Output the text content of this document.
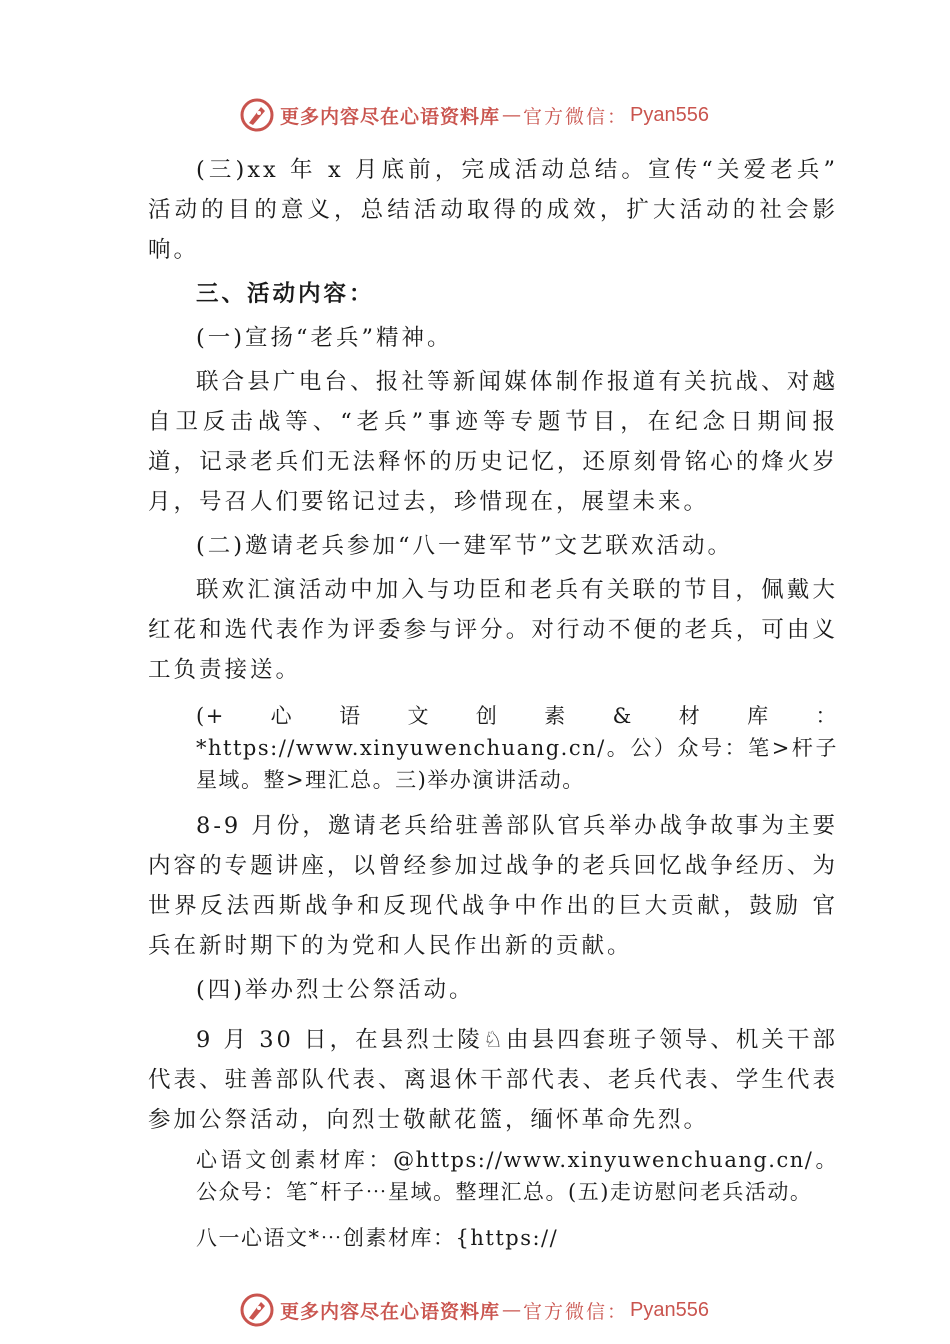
更多内容尽在心语资料库 — 官方微信： Pyan556

(三)xx 年 x 月底前，完成活动总结。宣传“关爱老兵” 活动的目的意义，总结活动取得的成效，扩大活动的社会影响。

三、活动内容：

(一)宣扬“老兵”精神。

联合县广电台、报社等新闻媒体制作报道有关抗战、对越自卫反击战等、“老兵”事迹等专题节目，在纪念日期间报道，记录老兵们无法释怀的历史记忆，还原刻骨铭心的烽火岁月，号召人们要铭记过去，珍惜现在，展望未来。

(二)邀请老兵参加“八一建军节”文艺联欢活动。

联欢汇演活动中加入与功臣和老兵有关联的节目，佩戴大红花和选代表作为评委参与评分。对行动不便的老兵，可由义工负责接送。

(+心语文创素&材库：*https://www.xinyuwenchuang.cn/。公）众号：笔>杆子星域。整>理汇总。三)举办演讲活动。

8-9 月份，邀请老兵给驻善部队官兵举办战争故事为主要内容的专题讲座，以曾经参加过战争的老兵回忆战争经历、为世界反法西斯战争和反现代战争中作出的巨大贡献，鼓励 官兵在新时期下的为党和人民作出新的贡献。

(四)举办烈士公祭活动。

9 月 30 日，在县烈士陵♘由县四套班子领导、机关干部代表、驻善部队代表、离退休干部代表、老兵代表、学生代表参加公祭活动，向烈士敬献花篮，缅怀革命先烈。

心语文创素材库：@https://www.xinyuwenchuang.cn/。公众号：笔˜杆子⋯星域。整理汇总。(五)走访慰问老兵活动。

八一心语文*⋯创素材库：{https://

更多内容尽在心语资料库 — 官方微信： Pyan556
